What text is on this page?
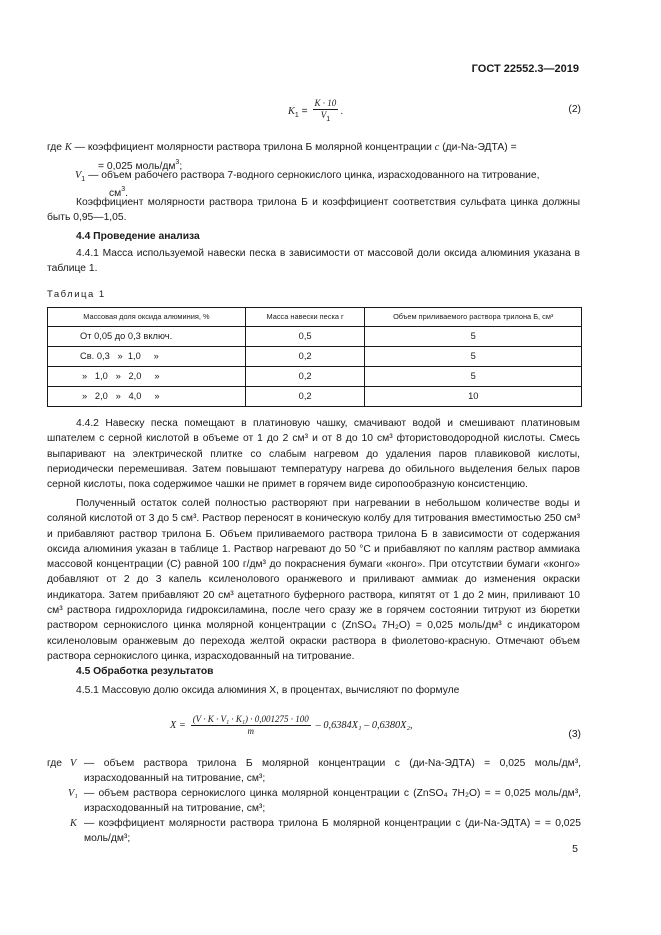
ГОСТ 22552.3—2019
$K_1 = \frac{K \cdot 10}{V_1}$ .	(2)
где K — коэффициент молярности раствора трилона Б молярной концентрации c (ди-Na-ЭДТА) =
= 0,025 моль/$дм^3$;
$V_1$ — объем рабочего раствора 7-водного сернокислого цинка, израсходованного на титрование,
$см^3$.
Коэффициент молярности раствора трилона Б и коэффициент соответствия сульфата цинка должны быть 0,95—1,05.
4.4 Проведение анализа
4.4.1 Масса используемой навески песка в зависимости от массовой доли оксида алюминия указана в таблице 1.
Таблица 1
Массовая доля оксида алюминия, %	Масса навески песка г	Объем приливаемого раствора трилона Б, см³
От 0,05 до 0,3 включ.	0,5	5
Св. 0,3   »  1,0     »	0,2	5
»   1,0   »   2,0     »	0,2	5
»   2,0   »   4,0     »	0,2	10
4.4.2 Навеску песка помещают в платиновую чашку, смачивают водой и смешивают платиновым шпателем с серной кислотой в объеме от 1 до 2 см³ и от 8 до 10 см³ фтористоводородной кислоты. Смесь выпаривают на электрической плитке со слабым нагревом до удаления паров плавиковой кислоты, периодически перемешивая. Затем повышают температуру нагрева до обильного выделения белых паров серной кислоты, пока содержимое чашки не примет в горячем виде сиропообразную консистенцию.
Полученный остаток солей полностью растворяют при нагревании в небольшом количестве воды и соляной кислотой от 3 до 5 см³. Раствор переносят в коническую колбу для титрования вместимостью 250 см³ и прибавляют раствор трилона Б. Объем приливаемого раствора трилона Б в зависимости от содержания оксида алюминия указан в таблице 1. Раствор нагревают до 50 °С и прибавляют по каплям раствор аммиака массовой концентрации (С) равной 100 г/дм³ до покраснения бумаги «конго». При отсутствии бумаги «конго» добавляют от 2 до 3 капель ксиленолового оранжевого и приливают аммиак до изменения окраски индикатора. Затем прибавляют 20 см³ ацетатного буферного раствора, кипятят от 1 до 2 мин, приливают 10 см³ раствора гидрохлорида гидроксиламина, после чего сразу же в горячем состоянии титруют из бюретки раствором сернокислого цинка молярной концентрации c (ZnSO₄ 7H₂O) = 0,025 моль/дм³ с индикатором ксиленоловым оранжевым до перехода желтой окраски раствора в фиолетово-красную. Отмечают объем раствора сернокислого цинка, израсходованный на титрование.
4.5 Обработка результатов
4.5.1 Массовую долю оксида алюминия X, в процентах, вычисляют по формуле
$X = \frac{\text{(V · K · V₁ · K₁) · 0,001275 · 100}}{m} - 0,6384X_1 - 0,6380X_2$,
(3)
где V — объем раствора трилона Б молярной концентрации c (ди-Na-ЭДТА) = 0,025 моль/дм³, израсходованный на титрование, см³;
V₁ — объем раствора сернокислого цинка молярной концентрации c (ZnSO₄ 7H₂O) = = 0,025 моль/дм³, израсходованный на титрование, см³;
K — коэффициент молярности раствора трилона Б молярной концентрации c (ди-Na-ЭДТА) = = 0,025 моль/дм³;
5
